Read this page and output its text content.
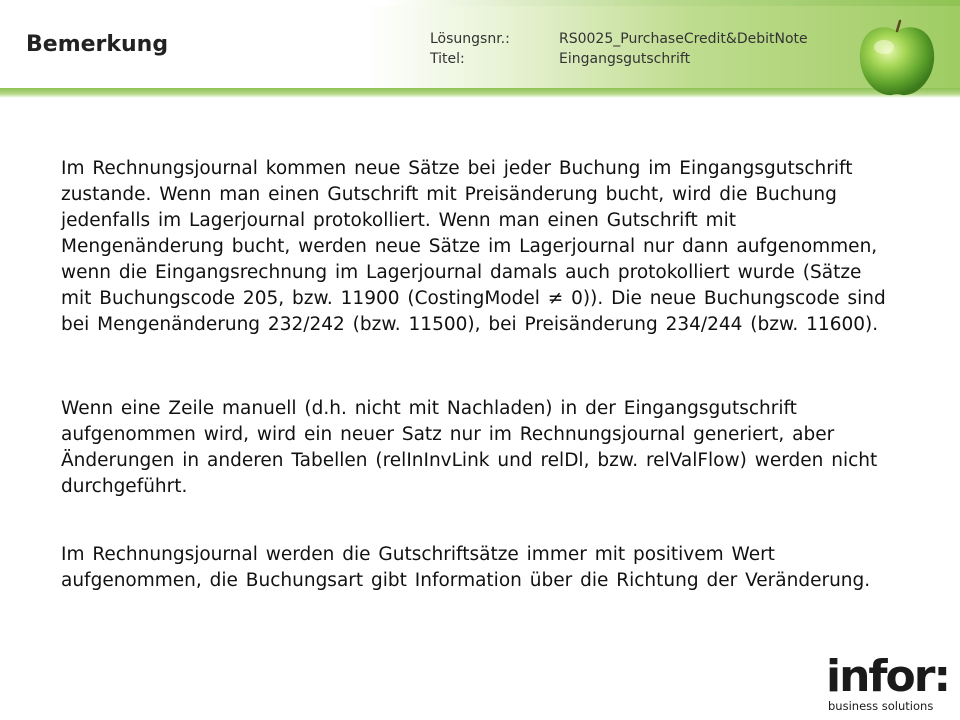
Bemerkung	Lösungsnr.:	RS0025_PurchaseCredit&DebitNote
Titel:	Eingangsgutschrift
Im Rechnungsjournal kommen neue Sätze bei jeder Buchung im Eingangsgutschrift zustande. Wenn man einen Gutschrift mit Preisänderung bucht, wird die Buchung jedenfalls im Lagerjournal protokolliert. Wenn man einen Gutschrift mit Mengenänderung bucht, werden neue Sätze im Lagerjournal nur dann aufgenommen, wenn die Eingangsrechnung im Lagerjournal damals auch protokolliert wurde (Sätze mit Buchungscode 205, bzw. 11900 (CostingModel ≠ 0)). Die neue Buchungscode sind bei Mengenänderung 232/242 (bzw. 11500), bei Preisänderung 234/244 (bzw. 11600).
Wenn eine Zeile manuell (d.h. nicht mit Nachladen) in der Eingangsgutschrift aufgenommen wird, wird ein neuer Satz nur im Rechnungsjournal generiert, aber Änderungen in anderen Tabellen (relInInvLink und relDl, bzw. relValFlow) werden nicht durchgeführt.
Im Rechnungsjournal werden die Gutschriftsätze immer mit positivem Wert aufgenommen, die Buchungsart gibt Information über die Richtung der Veränderung.
infor:
business solutions
